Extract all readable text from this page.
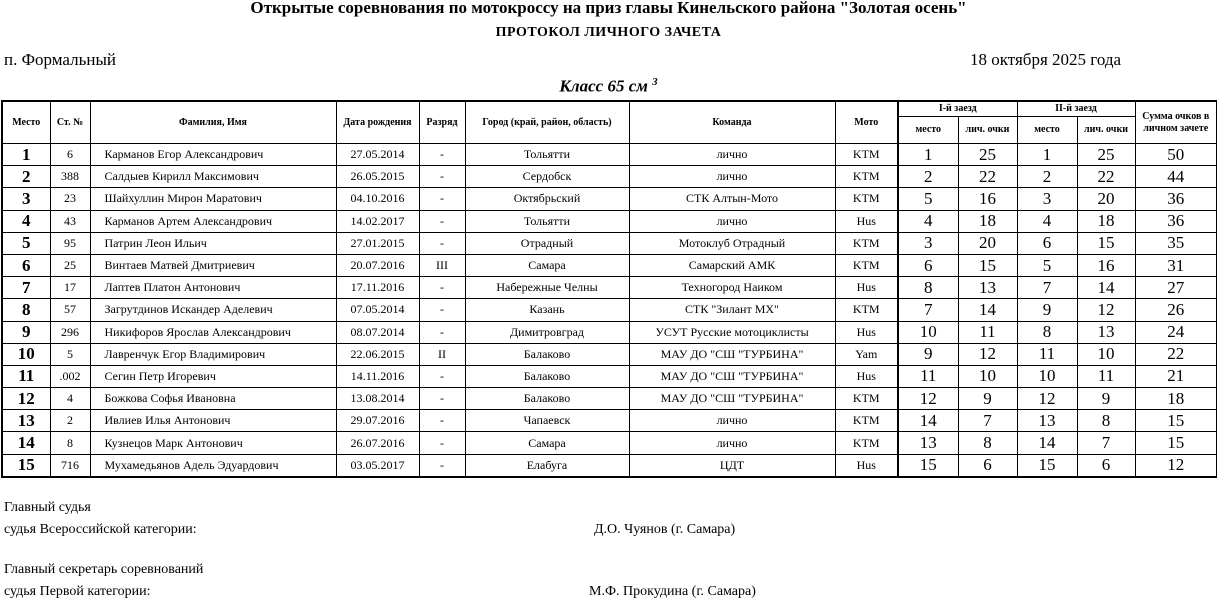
Открытые соревнования по мотокроссу на приз главы Кинельского района "Золотая осень"
ПРОТОКОЛ ЛИЧНОГО ЗАЧЕТА
п. Формальный	18 октября 2025 года
Класс 65 см $^3$
Место	Ст. №	Фамилия, Имя	Дата рождения	Разряд	Город (край, район, область)	Команда	Мото	I-й заезд		II-й заезд		Сумма очков в личном зачете
								место	лич. очки	место	лич. очки	
1	6	Карманов Егор Александрович	27.05.2014	-	Тольятти	лично	KTM	1	25	1	25	50
2	388	Салдыев Кирилл Максимович	26.05.2015	-	Сердобск	лично	KTM	2	22	2	22	44
3	23	Шайхуллин Мирон Маратович	04.10.2016	-	Октябрьский	СТК Алтын-Мото	KTM	5	16	3	20	36
4	43	Карманов Артем Александрович	14.02.2017	-	Тольятти	лично	Hus	4	18	4	18	36
5	95	Патрин Леон Ильич	27.01.2015	-	Отрадный	Мотоклуб Отрадный	KTM	3	20	6	15	35
6	25	Винтаев Матвей Дмитриевич	20.07.2016	III	Самара	Самарский АМК	KTM	6	15	5	16	31
7	17	Лаптев Платон Антонович	17.11.2016	-	Набережные Челны	Техногород Наиком	Hus	8	13	7	14	27
8	57	Загрутдинов Искандер Аделевич	07.05.2014	-	Казань	СТК "Зилант МХ"	KTM	7	14	9	12	26
9	296	Никифоров Ярослав Александрович	08.07.2014	-	Димитровград	УСУТ Русские мотоциклисты	Hus	10	11	8	13	24
10	5	Лавренчук Егор Владимирович	22.06.2015	II	Балаково	МАУ ДО "СШ "ТУРБИНА"	Yam	9	12	11	10	22
11	.002	Сегин Петр Игоревич	14.11.2016	-	Балаково	МАУ ДО "СШ "ТУРБИНА"	Hus	11	10	10	11	21
12	4	Божкова Софья Ивановна	13.08.2014	-	Балаково	МАУ ДО "СШ "ТУРБИНА"	KTM	12	9	12	9	18
13	2	Ивлиев Илья Антонович	29.07.2016	-	Чапаевск	лично	KTM	14	7	13	8	15
14	8	Кузнецов Марк Антонович	26.07.2016	-	Самара	лично	KTM	13	8	14	7	15
15	716	Мухамедьянов Адель Эдуардович	03.05.2017	-	Елабуга	ЦДТ	Hus	15	6	15	6	12
Главный судья
судья Всероссийской категории:	Д.О. Чуянов (г. Самара)
Главный секретарь соревнований
судья Первой категории:	М.Ф. Прокудина (г. Самара)
